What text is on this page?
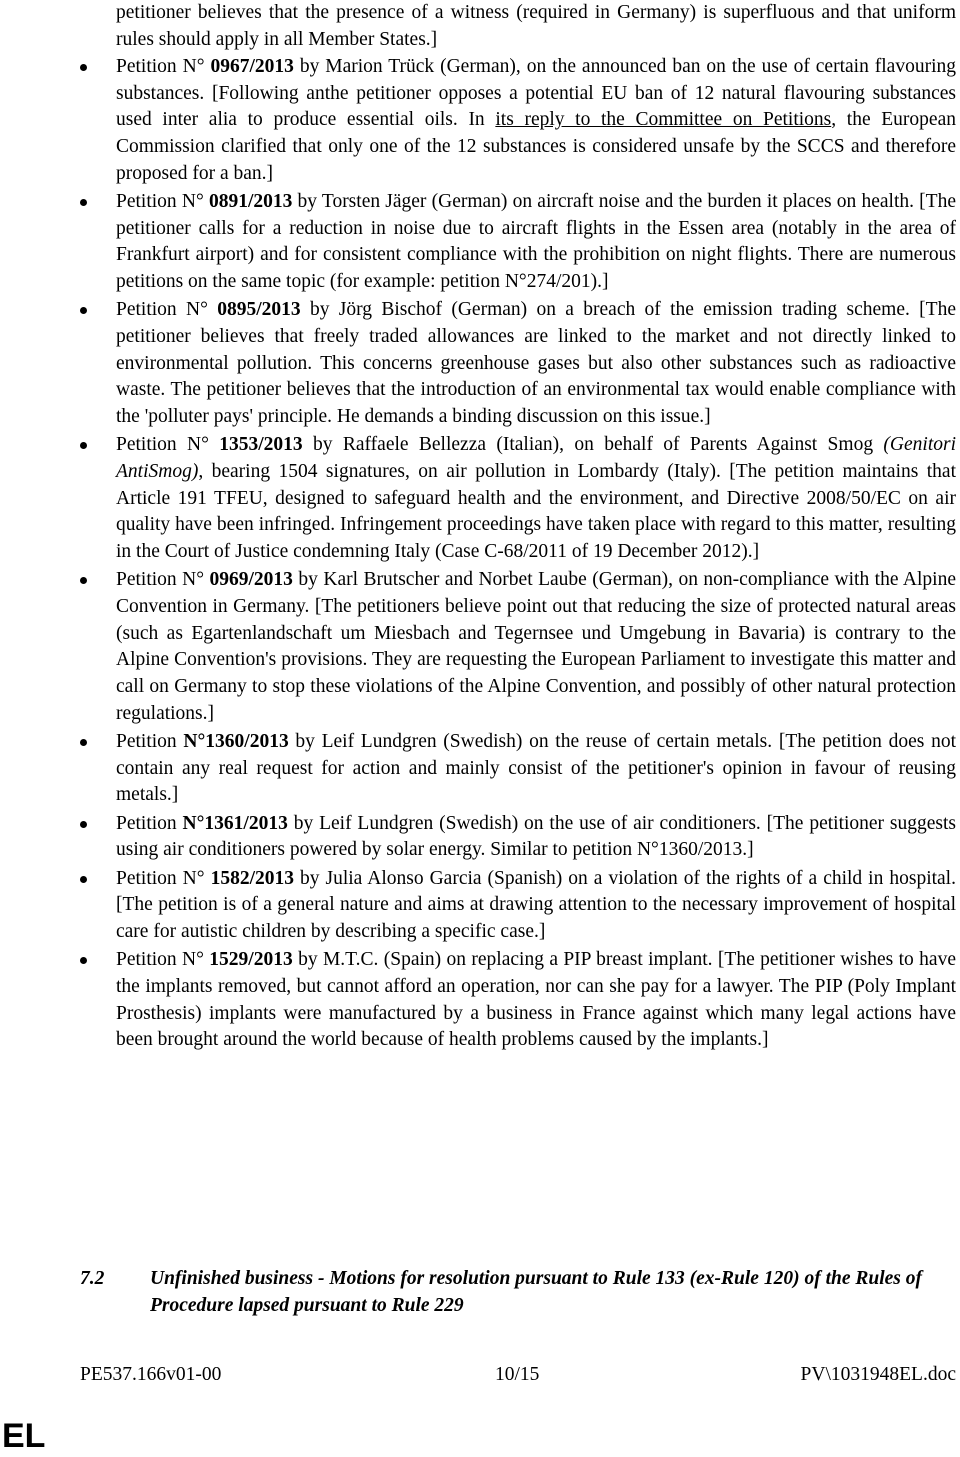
petitioner believes that the presence of a witness (required in Germany) is superfluous and that uniform rules should apply in all Member States.]
Petition N° 0967/2013 by Marion Trück (German), on the announced ban on the use of certain flavouring substances. [Following anthe petitioner opposes a potential EU ban of 12 natural flavouring substances used inter alia to produce essential oils. In its reply to the Committee on Petitions, the European Commission clarified that only one of the 12 substances is considered unsafe by the SCCS and therefore proposed for a ban.]
Petition N° 0891/2013 by Torsten Jäger (German) on aircraft noise and the burden it places on health. [The petitioner calls for a reduction in noise due to aircraft flights in the Essen area (notably in the area of Frankfurt airport) and for consistent compliance with the prohibition on night flights. There are numerous petitions on the same topic (for example: petition N°274/201).]
Petition N° 0895/2013 by Jörg Bischof (German) on a breach of the emission trading scheme. [The petitioner believes that freely traded allowances are linked to the market and not directly linked to environmental pollution. This concerns greenhouse gases but also other substances such as radioactive waste. The petitioner believes that the introduction of an environmental tax would enable compliance with the 'polluter pays' principle. He demands a binding discussion on this issue.]
Petition N° 1353/2013 by Raffaele Bellezza (Italian), on behalf of Parents Against Smog (Genitori AntiSmog), bearing 1504 signatures, on air pollution in Lombardy (Italy). [The petition maintains that Article 191 TFEU, designed to safeguard health and the environment, and Directive 2008/50/EC on air quality have been infringed. Infringement proceedings have taken place with regard to this matter, resulting in the Court of Justice condemning Italy (Case C-68/2011 of 19 December 2012).]
Petition N° 0969/2013 by Karl Brutscher and Norbet Laube (German), on non-compliance with the Alpine Convention in Germany. [The petitioners believe point out that reducing the size of protected natural areas (such as Egartenlandschaft um Miesbach and Tegernsee und Umgebung in Bavaria) is contrary to the Alpine Convention's provisions. They are requesting the European Parliament to investigate this matter and call on Germany to stop these violations of the Alpine Convention, and possibly of other natural protection regulations.]
Petition N°1360/2013 by Leif Lundgren (Swedish) on the reuse of certain metals. [The petition does not contain any real request for action and mainly consist of the petitioner's opinion in favour of reusing metals.]
Petition N°1361/2013 by Leif Lundgren (Swedish) on the use of air conditioners. [The petitioner suggests using air conditioners powered by solar energy. Similar to petition N°1360/2013.]
Petition N° 1582/2013 by Julia Alonso Garcia (Spanish) on a violation of the rights of a child in hospital. [The petition is of a general nature and aims at drawing attention to the necessary improvement of hospital care for autistic children by describing a specific case.]
Petition N° 1529/2013 by M.T.C. (Spain) on replacing a PIP breast implant. [The petitioner wishes to have the implants removed, but cannot afford an operation, nor can she pay for a lawyer. The PIP (Poly Implant Prosthesis) implants were manufactured by a business in France against which many legal actions have been brought around the world because of health problems caused by the implants.]
7.2 Unfinished business - Motions for resolution pursuant to Rule 133 (ex-Rule 120) of the Rules of Procedure lapsed pursuant to Rule 229
PE537.166v01-00	10/15	PV\1031948EL.doc
EL
